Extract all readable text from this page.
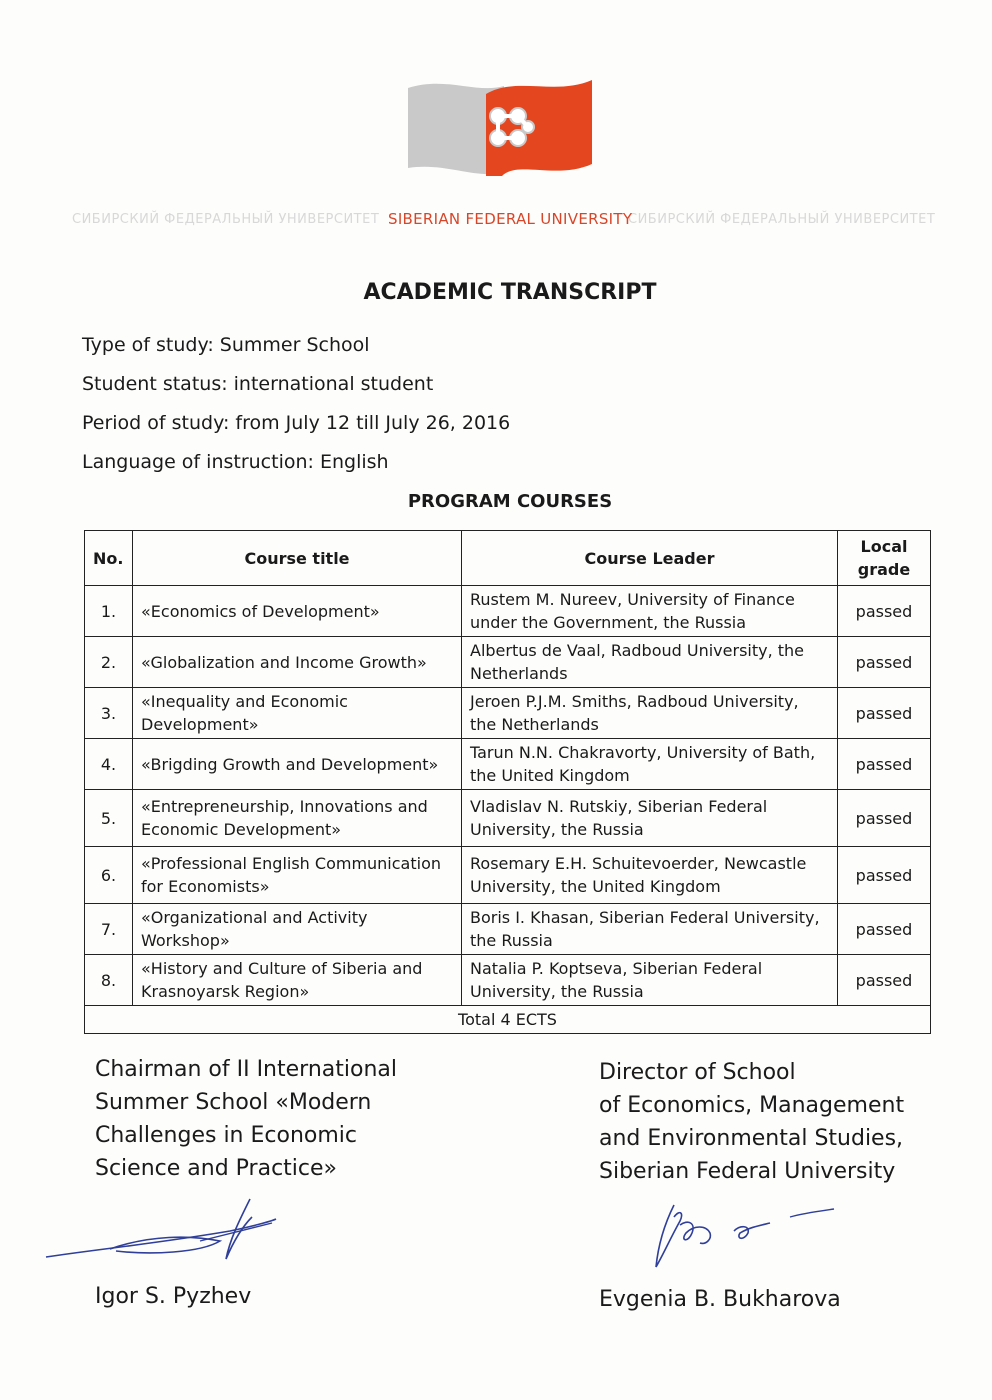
СИБИРСКИЙ ФЕДЕРАЛЬНЫЙ УНИВЕРСИТЕТ	СИБИРСКИЙ ФЕДЕРАЛЬНЫЙ УНИВЕРСИТЕТ
SIBERIAN FEDERAL UNIVERSITY
ACADEMIC TRANSCRIPT
Type of study: Summer School
Student status: international student
Period of study: from July 12 till July 26, 2016
Language of instruction: English
PROGRAM COURSES
No.	Course title	Course Leader	Local
grade

1.	«Economics of Development»	Rustem M. Nureev, University of Finance under the Government, the Russia	passed
2.	«Globalization and Income Growth»	Albertus de Vaal, Radboud University, the Netherlands	passed
3.	«Inequality and Economic Development»	Jeroen P.J.M. Smiths, Radboud University, the Netherlands	passed
4.	«Brigding Growth and Development»	Tarun N.N. Chakravorty, University of Bath, the United Kingdom	passed
5.	«Entrepreneurship, Innovations and Economic Development»	Vladislav N. Rutskiy, Siberian Federal University, the Russia	passed
6.	«Professional English Communication for Economists»	Rosemary E.H. Schuitevoerder, Newcastle University, the United Kingdom	passed
7.	«Organizational and Activity Workshop»	Boris I. Khasan, Siberian Federal University, the Russia	passed
8.	«History and Culture of Siberia and Krasnoyarsk Region»	Natalia P. Koptseva, Siberian Federal University, the Russia	passed
Total 4 ECTS			
Chairman of II International
Summer School «Modern
Challenges in Economic
Science and Practice»
Igor S. Pyzhev
Director of School
of Economics, Management
and Environmental Studies,
Siberian Federal University
Evgenia B. Bukharova
